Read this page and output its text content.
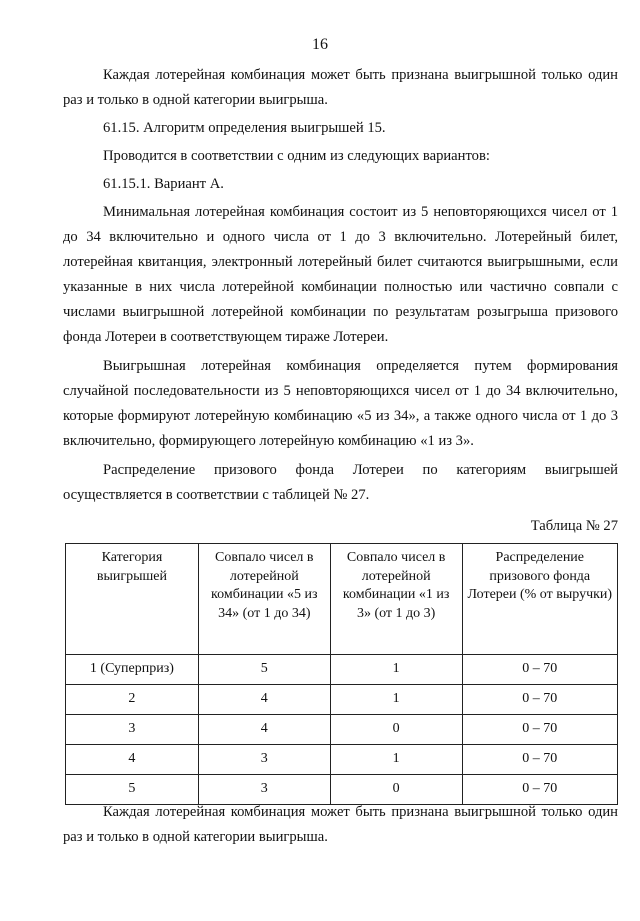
16

Каждая лотерейная комбинация может быть признана выигрышной только один раз и только в одной категории выигрыша.

61.15. Алгоритм определения выигрышей 15.

Проводится в соответствии с одним из следующих вариантов:

61.15.1. Вариант А.

Минимальная лотерейная комбинация состоит из 5 неповторяющихся чисел от 1 до 34 включительно и одного числа от 1 до 3 включительно. Лотерейный билет, лотерейная квитанция, электронный лотерейный билет считаются выигрышными, если указанные в них числа лотерейной комбинации полностью или частично совпали с числами выигрышной лотерейной комбинации по результатам розыгрыша призового фонда Лотереи в соответствующем тираже Лотереи.

Выигрышная лотерейная комбинация определяется путем формирования случайной последовательности из 5 неповторяющихся чисел от 1 до 34 включительно, которые формируют лотерейную комбинацию «5 из 34», а также одного числа от 1 до 3 включительно, формирующего лотерейную комбинацию «1 из 3».

Распределение призового фонда Лотереи по категориям выигрышей осуществляется в соответствии с таблицей № 27.

Таблица № 27
Категория выигрышей	Совпало чисел в лотерейной комбинации «5 из 34» (от 1 до 34)	Совпало чисел в лотерейной комбинации «1 из 3» (от 1 до 3)	Распределение призового фонда Лотереи (% от выручки)
1 (Суперприз)	5	1	0 – 70
2	4	1	0 – 70
3	4	0	0 – 70
4	3	1	0 – 70
5	3	0	0 – 70

Каждая лотерейная комбинация может быть признана выигрышной только один раз и только в одной категории выигрыша.
